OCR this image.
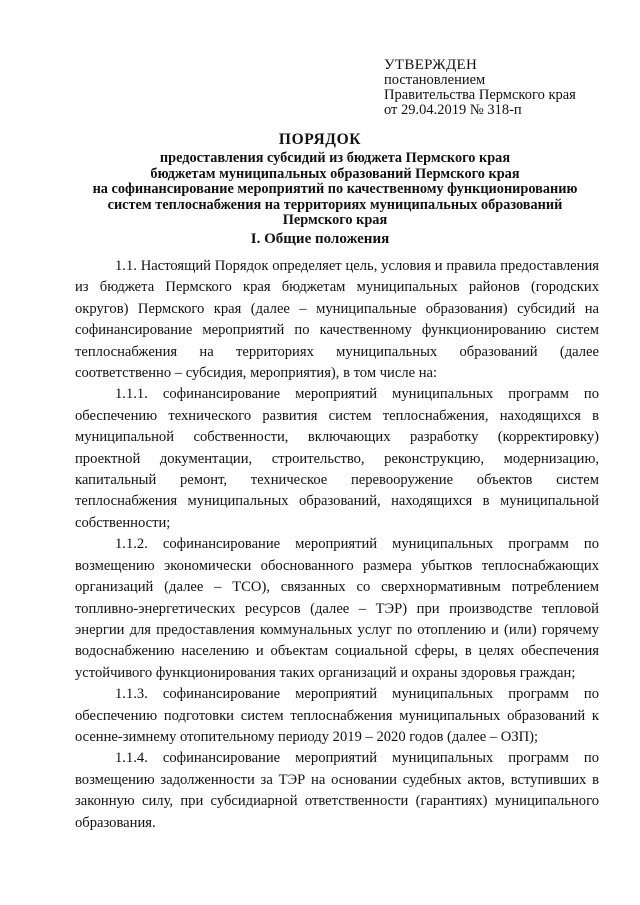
УТВЕРЖДЕН
постановлением
Правительства Пермского края
от 29.04.2019 № 318-п
ПОРЯДОК
предоставления субсидий из бюджета Пермского края
бюджетам муниципальных образований Пермского края
на софинансирование мероприятий по качественному функционированию
систем теплоснабжения на территориях муниципальных образований
Пермского края
I. Общие положения

1.1. Настоящий Порядок определяет цель, условия и правила предоставления из бюджета Пермского края бюджетам муниципальных районов (городских округов) Пермского края (далее – муниципальные образования) субсидий на софинансирование мероприятий по качественному функционированию систем теплоснабжения на территориях муниципальных образований (далее соответственно – субсидия, мероприятия), в том числе на:

1.1.1. софинансирование мероприятий муниципальных программ по обеспечению технического развития систем теплоснабжения, находящихся в муниципальной собственности, включающих разработку (корректировку) проектной документации, строительство, реконструкцию, модернизацию, капитальный ремонт, техническое перевооружение объектов систем теплоснабжения муниципальных образований, находящихся в муниципальной собственности;

1.1.2. софинансирование мероприятий муниципальных программ по возмещению экономически обоснованного размера убытков теплоснабжающих организаций (далее – ТСО), связанных со сверхнормативным потреблением топливно-энергетических ресурсов (далее – ТЭР) при производстве тепловой энергии для предоставления коммунальных услуг по отоплению и (или) горячему водоснабжению населению и объектам социальной сферы, в целях обеспечения устойчивого функционирования таких организаций и охраны здоровья граждан;

1.1.3. софинансирование мероприятий муниципальных программ по обеспечению подготовки систем теплоснабжения муниципальных образований к осенне-зимнему отопительному периоду 2019 – 2020 годов (далее – ОЗП);

1.1.4. софинансирование мероприятий муниципальных программ по возмещению задолженности за ТЭР на основании судебных актов, вступивших в законную силу, при субсидиарной ответственности (гарантиях) муниципального образования.
